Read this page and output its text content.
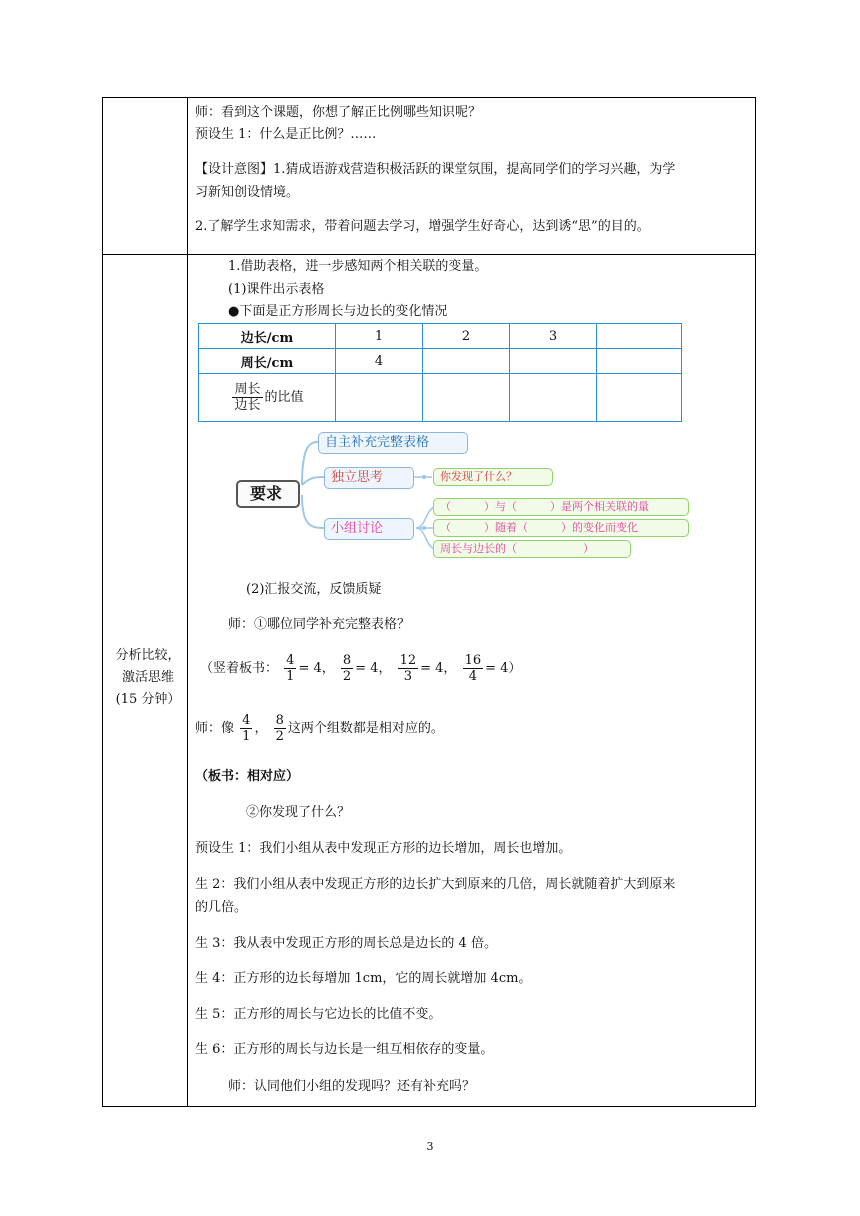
分析比较，
激活思维
(15 分钟）
师：看到这个课题，你想了解正比例哪些知识呢？
预设生 1：什么是正比例？……
【设计意图】1.猜成语游戏营造积极活跃的课堂氛围，提高同学们的学习兴趣，为学
习新知创设情境。
2.了解学生求知需求，带着问题去学习，增强学生好奇心，达到诱“思”的目的。
1.借助表格，进一步感知两个相关联的变量。
(1)课件出示表格
●下面是正方形周长与边长的变化情况
边长/cm	1	2	3	
周长/cm	4			

$\frac{\text{周长}}{\text{边长}}$ 的比值				
要求
自主补充完整表格
独立思考	你发现了什么？
小组讨论
（　　　）与（　　　）是两个相关联的量
（　　　）随着（　　　）的变化而变化
周长与边长的（　　　　　　）
(2)汇报交流，反馈质疑
师：①哪位同学补充完整表格？
（竖着板书： $\frac{4}{1} = 4$， $\frac{8}{2} = 4$， $\frac{12}{3} = 4$， $\frac{16}{4} = 4$）
师：像 $\frac{4}{1}$ ， $\frac{8}{2}$ 这两个组数都是相对应的。
（板书：相对应）
②你发现了什么？
预设生 1：我们小组从表中发现正方形的边长增加，周长也增加。
生 2：我们小组从表中发现正方形的边长扩大到原来的几倍，周长就随着扩大到原来
的几倍。
生 3：我从表中发现正方形的周长总是边长的 4 倍。
生 4：正方形的边长每增加 1cm，它的周长就增加 4cm。
生 5：正方形的周长与它边长的比值不变。
生 6：正方形的周长与边长是一组互相依存的变量。
师：认同他们小组的发现吗？还有补充吗？
3
